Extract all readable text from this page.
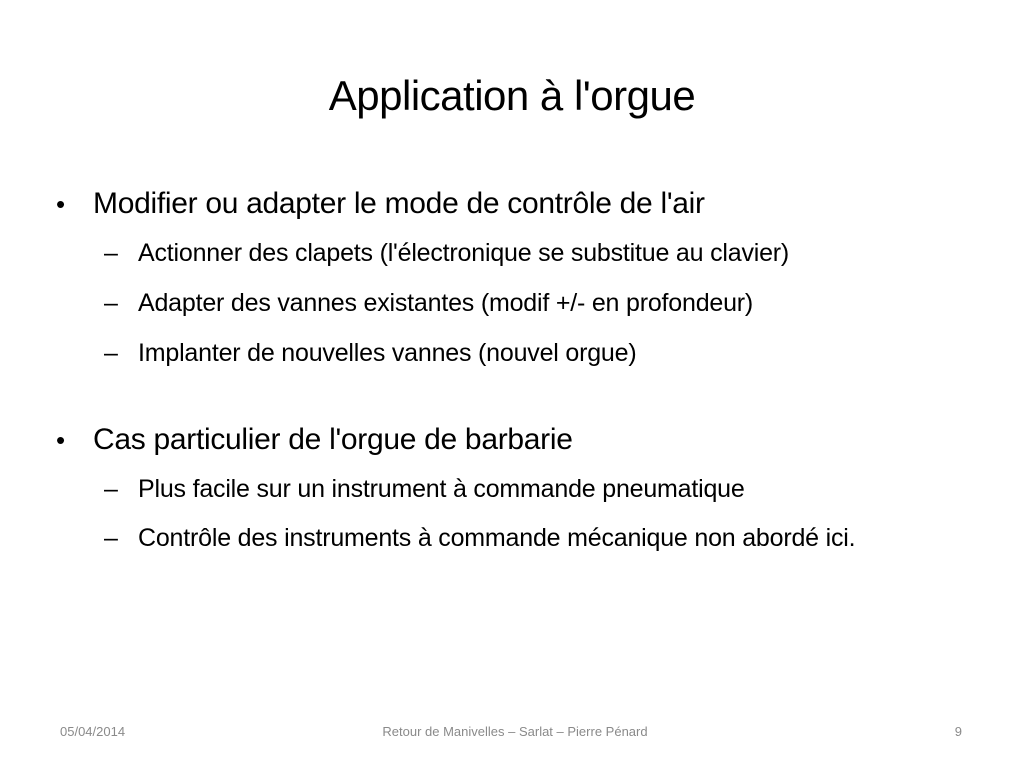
Application à l'orgue
• Modifier ou adapter le mode de contrôle de l'air
– Actionner des clapets (l'électronique se substitue au clavier)
– Adapter des vannes existantes (modif +/- en profondeur)
– Implanter de nouvelles vannes (nouvel orgue)
• Cas particulier de l'orgue de barbarie
– Plus facile sur un instrument à commande pneumatique
– Contrôle des instruments à commande mécanique non abordé ici.
05/04/2014	Retour de Manivelles – Sarlat – Pierre Pénard	9
